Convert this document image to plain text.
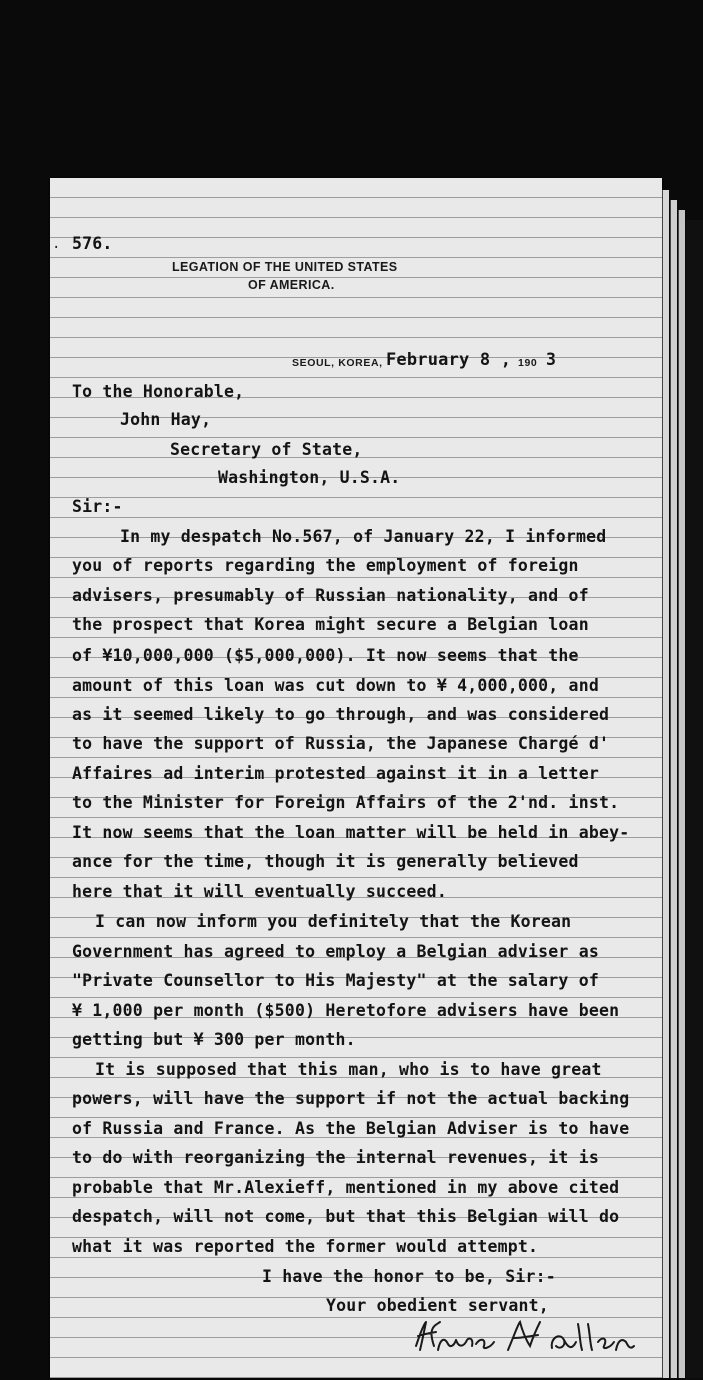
. 576.
LEGATION OF THE UNITED STATES
OF AMERICA.
SEOUL, KOREA, February 8 , 190 3
To the Honorable,
John Hay,
Secretary of State,
Washington, U.S.A.
Sir:-
In my despatch No.567, of January 22, I informed
you of reports regarding the employment of foreign
advisers, presumably of Russian nationality, and of
the prospect that Korea might secure a Belgian loan
of ¥10,000,000 ($5,000,000). It now seems that the
amount of this loan was cut down to ¥ 4,000,000, and
as it seemed likely to go through, and was considered
to have the support of Russia, the Japanese Chargé d'
Affaires ad interim protested against it in a letter
to the Minister for Foreign Affairs of the 2'nd. inst.
It now seems that the loan matter will be held in abey-
ance for the time, though it is generally believed
here that it will eventually succeed.
I can now inform you definitely that the Korean
Government has agreed to employ a Belgian adviser as
"Private Counsellor to His Majesty" at the salary of
¥ 1,000 per month ($500) Heretofore advisers have been
getting but ¥ 300 per month.
It is supposed that this man, who is to have great
powers, will have the support if not the actual backing
of Russia and France. As the Belgian Adviser is to have
to do with reorganizing the internal revenues, it is
probable that Mr.Alexieff, mentioned in my above cited
despatch, will not come, but that this Belgian will do
what it was reported the former would attempt.
I have the honor to be, Sir:-
Your obedient servant,
